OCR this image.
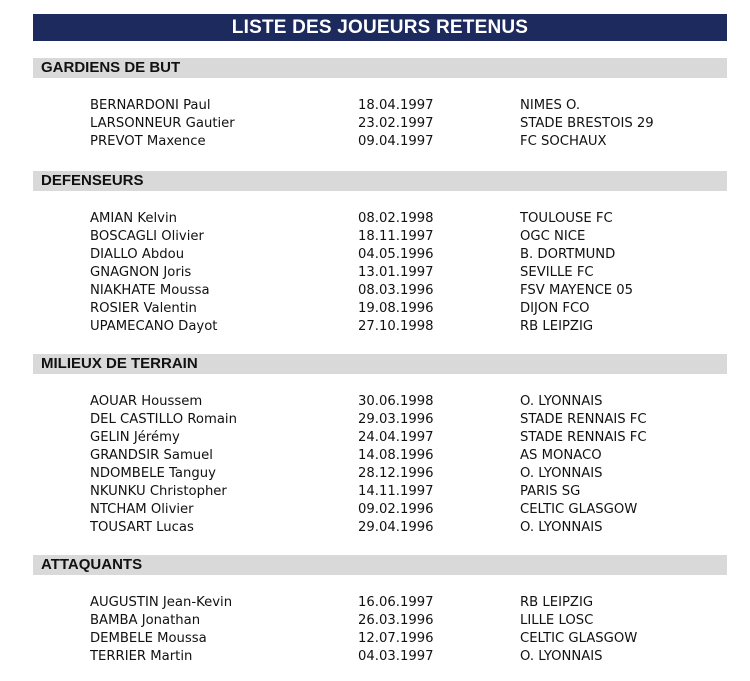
LISTE DES JOUEURS RETENUS
GARDIENS DE BUT
BERNARDONI Paul	18.04.1997	NIMES O.
LARSONNEUR Gautier	23.02.1997	STADE BRESTOIS 29
PREVOT Maxence	09.04.1997	FC SOCHAUX
DEFENSEURS
AMIAN Kelvin	08.02.1998	TOULOUSE FC
BOSCAGLI Olivier	18.11.1997	OGC NICE
DIALLO Abdou	04.05.1996	B. DORTMUND
GNAGNON Joris	13.01.1997	SEVILLE FC
NIAKHATE Moussa	08.03.1996	FSV MAYENCE 05
ROSIER Valentin	19.08.1996	DIJON FCO
UPAMECANO Dayot	27.10.1998	RB LEIPZIG
MILIEUX DE TERRAIN
AOUAR Houssem	30.06.1998	O. LYONNAIS
DEL CASTILLO Romain	29.03.1996	STADE RENNAIS FC
GELIN Jérémy	24.04.1997	STADE RENNAIS FC
GRANDSIR Samuel	14.08.1996	AS MONACO
NDOMBELE Tanguy	28.12.1996	O. LYONNAIS
NKUNKU Christopher	14.11.1997	PARIS SG
NTCHAM Olivier	09.02.1996	CELTIC GLASGOW
TOUSART Lucas	29.04.1996	O. LYONNAIS
ATTAQUANTS
AUGUSTIN Jean-Kevin	16.06.1997	RB LEIPZIG
BAMBA Jonathan	26.03.1996	LILLE LOSC
DEMBELE Moussa	12.07.1996	CELTIC GLASGOW
TERRIER Martin	04.03.1997	O. LYONNAIS
